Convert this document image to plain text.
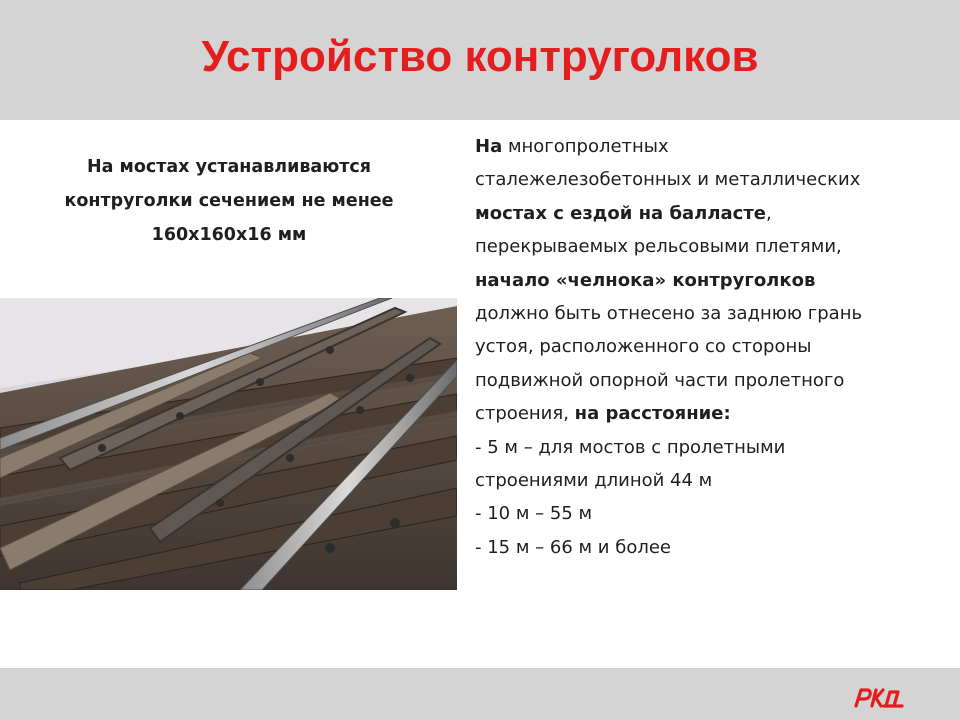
Устройство контруголков
На мостах устанавливаются
контруголки сечением не менее
160х160х16 мм

На многопролетных

сталежелезобетонных и металлических

мостах с ездой на балласте,

перекрываемых рельсовыми плетями,

начало «челнока» контруголков

должно быть отнесено за заднюю грань

устоя, расположенного со стороны

подвижной опорной части пролетного

строения, на расстояние:

- 5 м – для мостов с пролетными

строениями длиной 44 м

- 10 м – 55 м

- 15 м – 66 м и более
